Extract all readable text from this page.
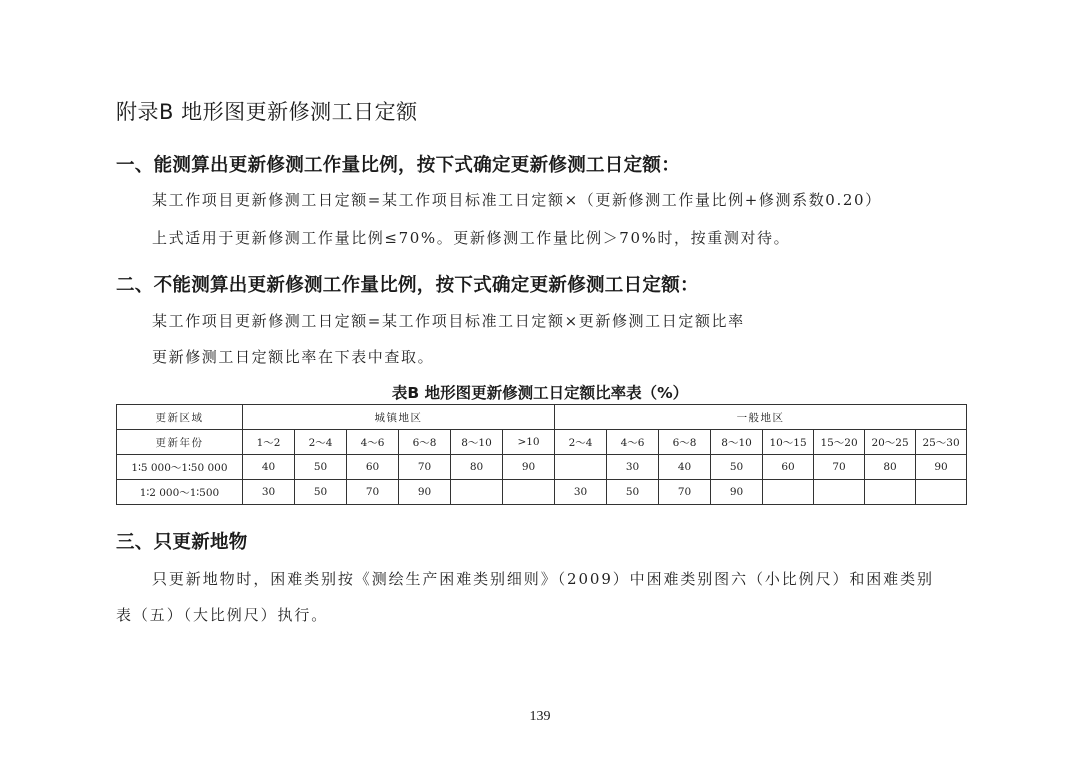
附录B 地形图更新修测工日定额
一、能测算出更新修测工作量比例，按下式确定更新修测工日定额：
某工作项目更新修测工日定额=某工作项目标准工日定额×（更新修测工作量比例+修测系数0.20）
上式适用于更新修测工作量比例≤70%。更新修测工作量比例＞70%时，按重测对待。
二、不能测算出更新修测工作量比例，按下式确定更新修测工日定额：
某工作项目更新修测工日定额=某工作项目标准工日定额×更新修测工日定额比率
更新修测工日定额比率在下表中查取。
表B 地形图更新修测工日定额比率表（%）
更新区域	城镇地区						一般地区							
更新年份	1～2	2～4	4～6	6～8	8～10	>10	2～4	4～6	6～8	8～10	10～15	15～20	20～25	25～30
1∶5 000～1∶50 000	40	50	60	70	80	90		30	40	50	60	70	80	90
1∶2 000～1∶500	30	50	70	90			30	50	70	90				
三、只更新地物
只更新地物时，困难类别按《测绘生产困难类别细则》（2009）中困难类别图六（小比例尺）和困难类别
表（五）（大比例尺）执行。
139
